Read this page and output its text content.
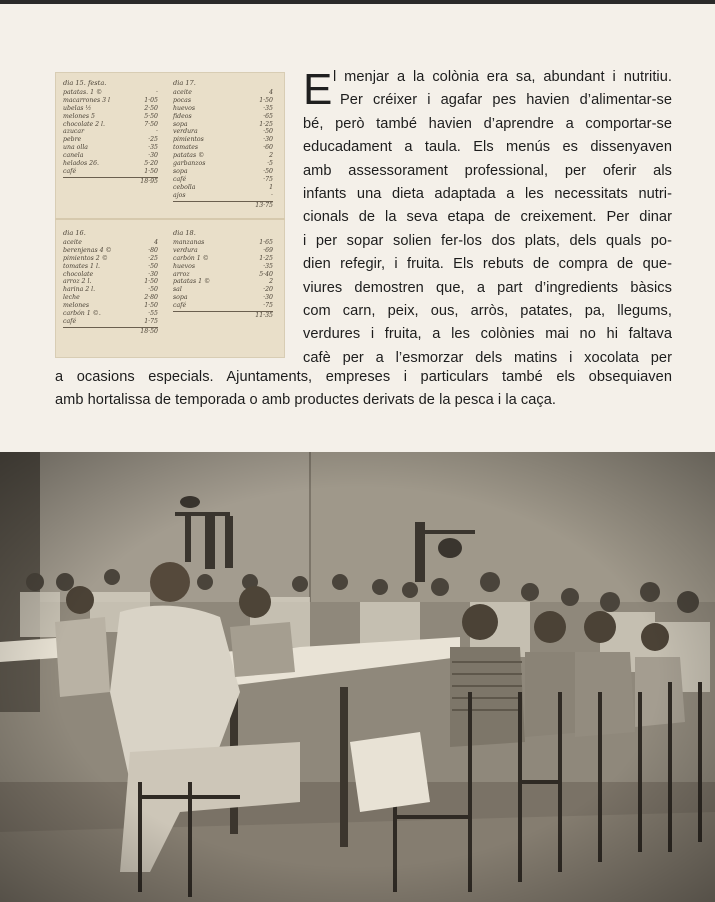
dia 15. festa.
patatas. 1 ©	·
macarrones 3 l	1·05
ubelas ½	2·50
melones 5	5·50
chocolate 2 l.	7·50
azucar	·
pebre	·25
una olla	·35
canela	·30
helados 26.	5·20
café	1·50
18·95
dia 17.
aceite	4
pocas	1·50
huevos	·35
fideos	·65
sopa	1·25
verdura	·50
pimientos	·30
tomates	·60
patatas ©	2
garbanzos	·5
sopa	·50
café	·75
cebolla	1
ajos	·
13·75
dia 16.
aceite	4
berenjenas 4 ©	·80
pimientos 2 ©	·25
tomates 1 l.	·50
chocolate	·30
arroz 2 l.	1·50
harina 2 l.	·50
leche	2·80
melones	1·50
carbón 1 ©.	·55
café	1·75
18·50
dia 18.
manzanas	1·65
verdura	·69
carbón 1 ©	1·25
huevos	·35
arroz	5·40
patatas 1 ©	2
sal	·20
sopa	·30
café	·75
11·35
E l menjar a la colònia era sa, abundant i nutritiu.
Per créixer i agafar pes havien d’alimentar-se
bé, però també havien d’aprendre a comportar-se
educadament a taula. Els menús es dissenyaven
amb assessorament professional, per oferir als
infants una dieta adaptada a les necessitats nutri-
cionals de la seva etapa de creixement. Per dinar
i per sopar solien fer-los dos plats, dels quals po-
dien refegir, i fruita. Els rebuts de compra de que-
viures demostren que, a part d’ingredients bàsics
com carn, peix, ous, arròs, patates, pa, llegums,
verdures i fruita, a les colònies mai no hi faltava
cafè per a l’esmorzar dels matins i xocolata per
a ocasions especials. Ajuntaments, empreses i particulars també els obsequiaven
amb hortalissa de temporada o amb productes derivats de la pesca i la caça.
